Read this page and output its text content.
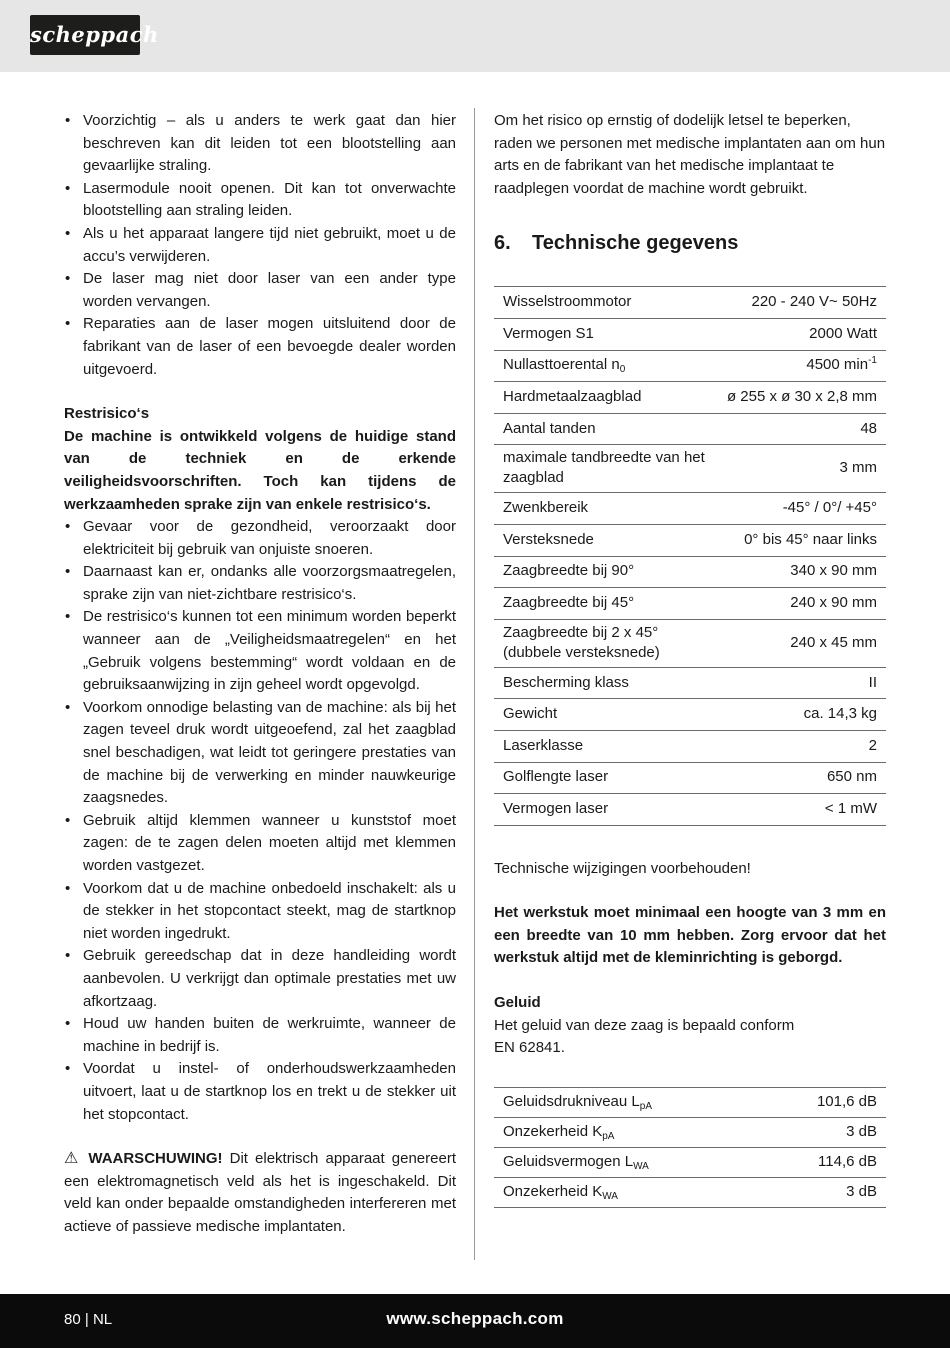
scheppach
• Voorzichtig – als u anders te werk gaat dan hier beschreven kan dit leiden tot een blootstelling aan gevaarlijke straling.
• Lasermodule nooit openen. Dit kan tot onverwachte blootstelling aan straling leiden.
• Als u het apparaat langere tijd niet gebruikt, moet u de accu’s verwijderen.
• De laser mag niet door laser van een ander type worden vervangen.
• Reparaties aan de laser mogen uitsluitend door de fabrikant van de laser of een bevoegde dealer worden uitgevoerd.

Restrisico‘s

De machine is ontwikkeld volgens de huidige stand van de techniek en de erkende veiligheidsvoorschriften. Toch kan tijdens de werkzaamheden sprake zijn van enkele restrisico‘s.

• Gevaar voor de gezondheid, veroorzaakt door elektriciteit bij gebruik van onjuiste snoeren.
• Daarnaast kan er, ondanks alle voorzorgsmaatregelen, sprake zijn van niet-zichtbare restrisico‘s.
• De restrisico‘s kunnen tot een minimum worden beperkt wanneer aan de „Veiligheidsmaatregelen“ en het „Gebruik volgens bestemming“ wordt voldaan en de gebruiksaanwijzing in zijn geheel wordt opgevolgd.
• Voorkom onnodige belasting van de machine: als bij het zagen teveel druk wordt uitgeoefend, zal het zaagblad snel beschadigen, wat leidt tot geringere prestaties van de machine bij de verwerking en minder nauwkeurige zaagsnedes.
• Gebruik altijd klemmen wanneer u kunststof moet zagen: de te zagen delen moeten altijd met klemmen worden vastgezet.
• Voorkom dat u de machine onbedoeld inschakelt: als u de stekker in het stopcontact steekt, mag de startknop niet worden ingedrukt.
• Gebruik gereedschap dat in deze handleiding wordt aanbevolen. U verkrijgt dan optimale prestaties met uw afkortzaag.
• Houd uw handen buiten de werkruimte, wanneer de machine in bedrijf is.
• Voordat u instel- of onderhoudswerkzaamheden uitvoert, laat u de startknop los en trekt u de stekker uit het stopcontact.

⚠ WAARSCHUWING! Dit elektrisch apparaat genereert een elektromagnetisch veld als het is ingeschakeld. Dit veld kan onder bepaalde omstandigheden interfereren met actieve of passieve medische implantaten.

Om het risico op ernstig of dodelijk letsel te beperken, raden we personen met medische implantaten aan om hun arts en de fabrikant van het medische implantaat te raadplegen voordat de machine wordt gebruikt.

6. Technische gegevens
Wisselstroommotor	220 - 240 V~ 50Hz
Vermogen S1	2000 Watt
Nullasttoerental $n_0$	4500 $\min^{-1}$
Hardmetaalzaagblad	ø 255 x ø 30 x 2,8 mm
Aantal tanden	48
maximale tandbreedte van het zaagblad	3 mm
Zwenkbereik	-45° / 0°/ +45°
Versteksnede	0° bis 45° naar links
Zaagbreedte bij 90°	340 x 90 mm
Zaagbreedte bij 45°	240 x 90 mm
Zaagbreedte bij 2 x 45° (dubbele versteksnede)	240 x 45 mm
Bescherming klass	II
Gewicht	ca. 14,3 kg
Laserklasse	2
Golflengte laser	650 nm
Vermogen laser	< 1 mW

Technische wijzigingen voorbehouden!

Het werkstuk moet minimaal een hoogte van 3 mm en een breedte van 10 mm hebben. Zorg ervoor dat het werkstuk altijd met de kleminrichting is geborgd.

Geluid

Het geluid van deze zaag is bepaald conform

EN 62841.

Geluidsdrukniveau $L_{pA}$	101,6 dB
Onzekerheid $K_{pA}$	3 dB
Geluidsvermogen $L_{WA}$	114,6 dB
Onzekerheid $K_{WA}$	3 dB
80 | NL	www.scheppach.com
